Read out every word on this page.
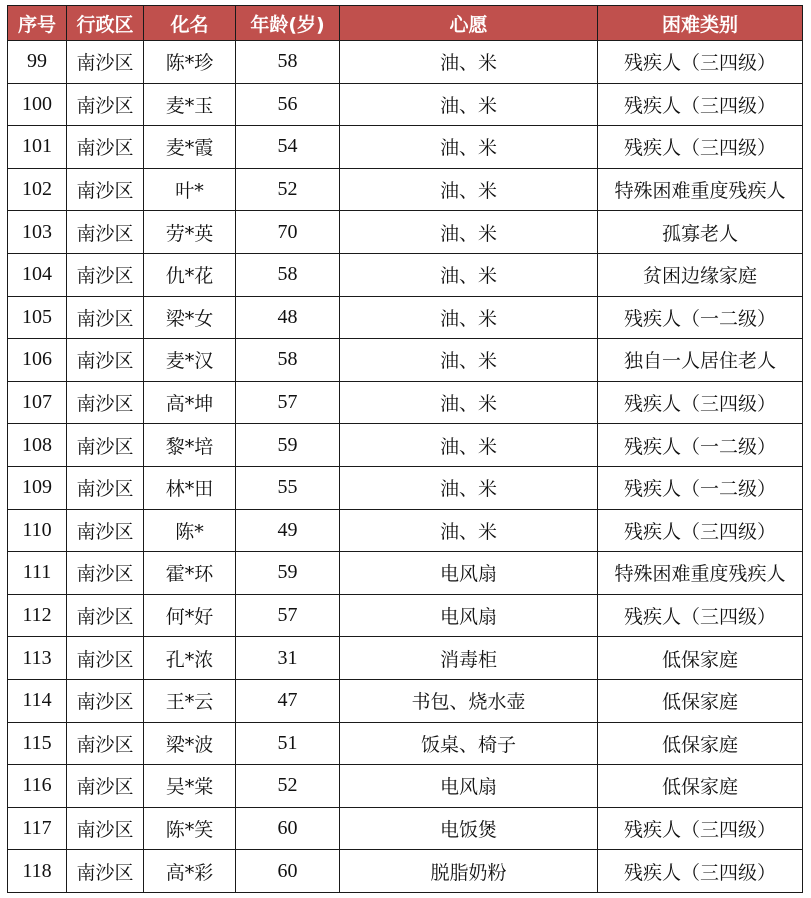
序号	行政区	化名	年龄(岁)	心愿	困难类别
99	南沙区	陈*珍	58	油、米	残疾人（三四级）
100	南沙区	麦*玉	56	油、米	残疾人（三四级）
101	南沙区	麦*霞	54	油、米	残疾人（三四级）
102	南沙区	叶*	52	油、米	特殊困难重度残疾人
103	南沙区	劳*英	70	油、米	孤寡老人
104	南沙区	仇*花	58	油、米	贫困边缘家庭
105	南沙区	梁*女	48	油、米	残疾人（一二级）
106	南沙区	麦*汉	58	油、米	独自一人居住老人
107	南沙区	高*坤	57	油、米	残疾人（三四级）
108	南沙区	黎*培	59	油、米	残疾人（一二级）
109	南沙区	林*田	55	油、米	残疾人（一二级）
110	南沙区	陈*	49	油、米	残疾人（三四级）
111	南沙区	霍*环	59	电风扇	特殊困难重度残疾人
112	南沙区	何*好	57	电风扇	残疾人（三四级）
113	南沙区	孔*浓	31	消毒柜	低保家庭
114	南沙区	王*云	47	书包、烧水壶	低保家庭
115	南沙区	梁*波	51	饭桌、椅子	低保家庭
116	南沙区	吴*棠	52	电风扇	低保家庭
117	南沙区	陈*笑	60	电饭煲	残疾人（三四级）
118	南沙区	高*彩	60	脱脂奶粉	残疾人（三四级）
